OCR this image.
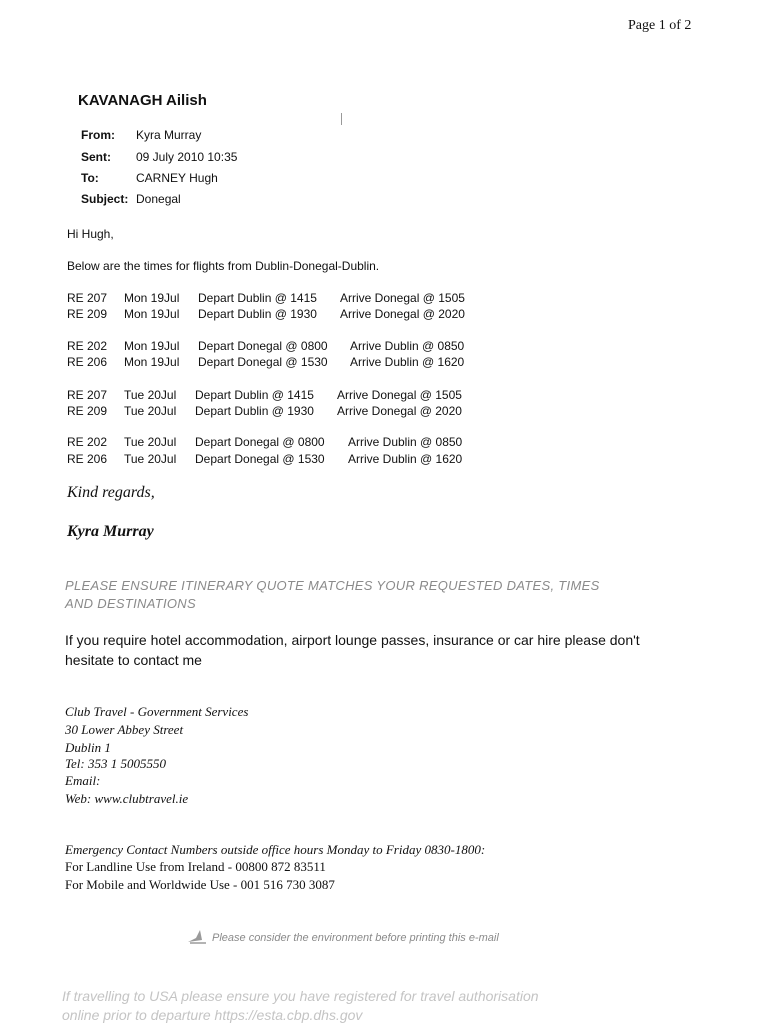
Page 1 of 2
KAVANAGH Ailish
From: Kyra Murray
Sent: 09 July 2010 10:35
To:	CARNEY Hugh
Subject: Donegal
Hi Hugh,
Below are the times for flights from Dublin-Donegal-Dublin.
RE 207	Mon 19Jul	Depart Dublin @ 1415	Arrive Donegal @ 1505
RE 209	Mon 19Jul	Depart Dublin @ 1930	Arrive Donegal @ 2020
RE 202	Mon 19Jul	Depart Donegal @ 0800	Arrive Dublin @ 0850
RE 206	Mon 19Jul	Depart Donegal @ 1530	Arrive Dublin @ 1620
RE 207	Tue 20Jul	Depart Dublin @ 1415	Arrive Donegal @ 1505
RE 209	Tue 20Jul	Depart Dublin @ 1930	Arrive Donegal @ 2020
RE 202	Tue 20Jul	Depart Donegal @ 0800	Arrive Dublin @ 0850
RE 206	Tue 20Jul	Depart Donegal @ 1530	Arrive Dublin @ 1620
Kind regards,
Kyra Murray
PLEASE ENSURE ITINERARY QUOTE MATCHES YOUR REQUESTED DATES, TIMES
AND DESTINATIONS
If you require hotel accommodation, airport lounge passes, insurance or car hire please don't hesitate to contact me
Club Travel - Government Services
30 Lower Abbey Street
Dublin 1
Tel: 353 1 5005550
Email:
Web: www.clubtravel.ie
Emergency Contact Numbers outside office hours Monday to Friday 0830-1800:
For Landline Use from Ireland - 00800 872 83511
For Mobile and Worldwide Use - 001 516 730 3087
Please consider the environment before printing this e-mail
If travelling to USA please ensure you have registered for travel authorisation
online prior to departure https://esta.cbp.dhs.gov
